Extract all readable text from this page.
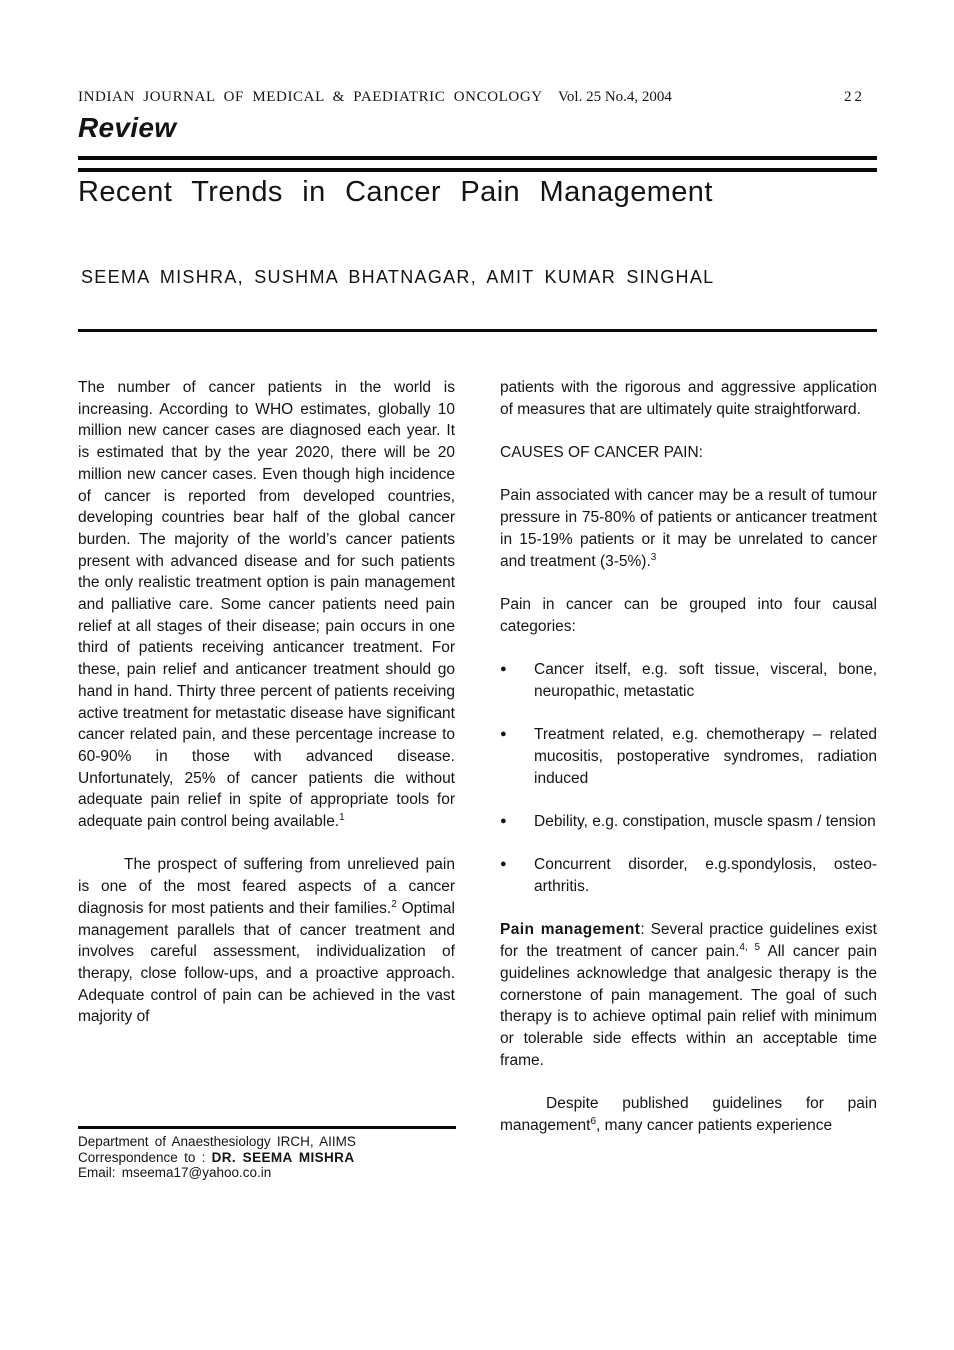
INDIAN JOURNAL OF MEDICAL & PAEDIATRIC ONCOLOGY Vol. 25 No.4, 2004	22
Review
Recent Trends in Cancer Pain Management
SEEMA MISHRA, SUSHMA BHATNAGAR, AMIT KUMAR SINGHAL

The number of cancer patients in the world is increasing. According to WHO estimates, globally 10 million new cancer cases are diagnosed each year. It is estimated that by the year 2020, there will be 20 million new cancer cases. Even though high incidence of cancer is reported from developed countries, developing countries bear half of the global cancer burden. The majority of the world’s cancer patients present with advanced disease and for such patients the only realistic treatment option is pain management and palliative care. Some cancer patients need pain relief at all stages of their disease; pain occurs in one third of patients receiving anticancer treatment. For these, pain relief and anticancer treatment should go hand in hand. Thirty three percent of patients receiving active treatment for metastatic disease have significant cancer related pain, and these percentage increase to 60-90% in those with advanced disease. Unfortunately, 25% of cancer patients die without adequate pain relief in spite of appropriate tools for adequate pain control being available.$^1$

The prospect of suffering from unrelieved pain is one of the most feared aspects of a cancer diagnosis for most patients and their families.$^2$ Optimal management parallels that of cancer treatment and involves careful assessment, individualization of therapy, close follow-ups, and a proactive approach. Adequate control of pain can be achieved in the vast majority of

patients with the rigorous and aggressive application of measures that are ultimately quite straightforward.

CAUSES OF CANCER PAIN:

Pain associated with cancer may be a result of tumour pressure in 75-80% of patients or anticancer treatment in 15-19% patients or it may be unrelated to cancer and treatment (3-5%).$^3$

Pain in cancer can be grouped into four causal categories:

●	Cancer itself, e.g. soft tissue, visceral, bone, neuropathic, metastatic
●	Treatment related, e.g. chemotherapy – related mucositis, postoperative syndromes, radiation induced
●	Debility, e.g. constipation, muscle spasm / tension
●	Concurrent disorder, e.g.spondylosis, osteo-arthritis.

Pain management: Several practice guidelines exist for the treatment of cancer pain.$^{4, 5}$ All cancer pain guidelines acknowledge that analgesic therapy is the cornerstone of pain management. The goal of such therapy is to achieve optimal pain relief with minimum or tolerable side effects within an acceptable time frame.

Despite published guidelines for pain management$^6$, many cancer patients experience

Department of Anaesthesiology IRCH, AIIMS
Correspondence to : DR. SEEMA MISHRA
Email: mseema17@yahoo.co.in
